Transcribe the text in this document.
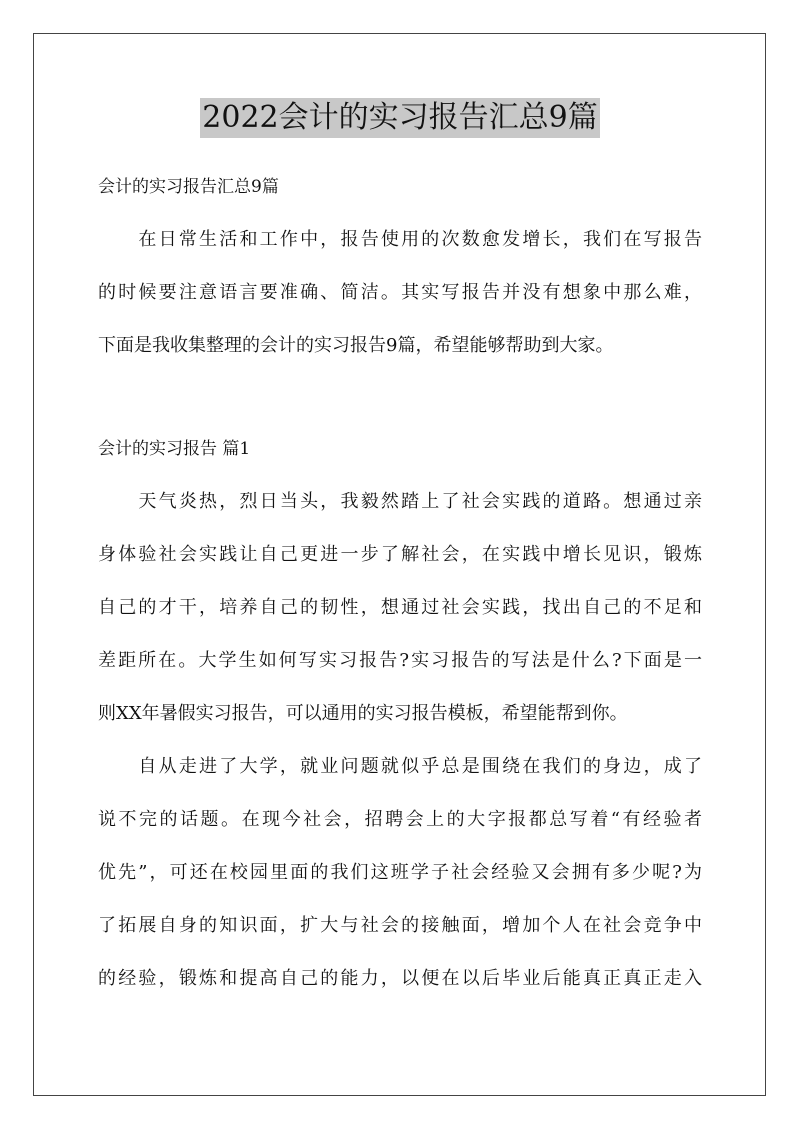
2022会计的实习报告汇总9篇
会计的实习报告汇总9篇
　　在日常生活和工作中，报告使用的次数愈发增长，我们在写报告
的时候要注意语言要准确、简洁。其实写报告并没有想象中那么难，
下面是我收集整理的会计的实习报告9篇，希望能够帮助到大家。
会计的实习报告 篇1
　　天气炎热，烈日当头，我毅然踏上了社会实践的道路。想通过亲
身体验社会实践让自己更进一步了解社会，在实践中增长见识，锻炼
自己的才干，培养自己的韧性，想通过社会实践，找出自己的不足和
差距所在。大学生如何写实习报告?实习报告的写法是什么?下面是一
则XX年暑假实习报告，可以通用的实习报告模板，希望能帮到你。
　　自从走进了大学，就业问题就似乎总是围绕在我们的身边，成了
说不完的话题。在现今社会，招聘会上的大字报都总写着“有经验者
优先”，可还在校园里面的我们这班学子社会经验又会拥有多少呢?为
了拓展自身的知识面，扩大与社会的接触面，增加个人在社会竞争中
的经验，锻炼和提高自己的能力，以便在以后毕业后能真正真正走入
